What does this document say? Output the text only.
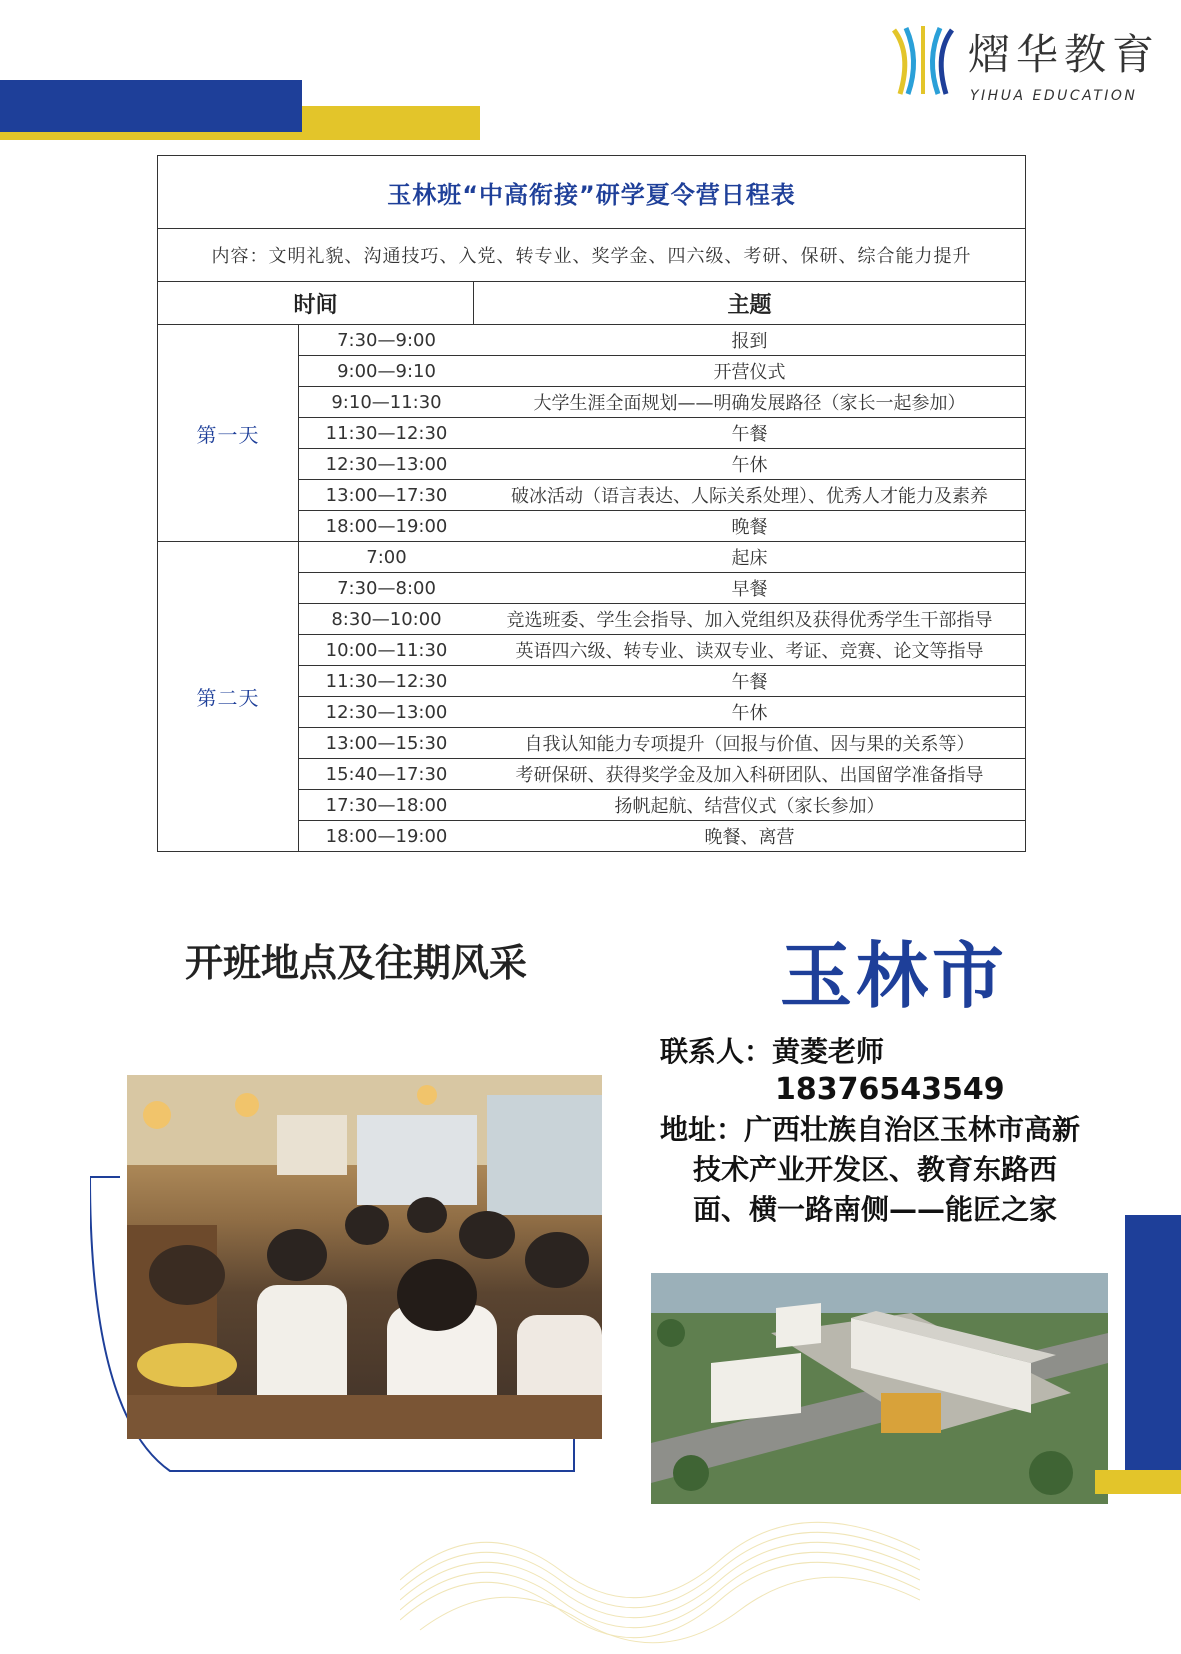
熠华教育
YIHUA EDUCATION
玉林班“中高衔接”研学夏令营日程表
内容：文明礼貌、沟通技巧、入党、转专业、奖学金、四六级、考研、保研、综合能力提升
时间	主题
第一天
7:30—9:00	报到
9:00—9:10	开营仪式
9:10—11:30	大学生涯全面规划——明确发展路径（家长一起参加）
11:30—12:30	午餐
12:30—13:00	午休
13:00—17:30	破冰活动（语言表达、人际关系处理）、优秀人才能力及素养
18:00—19:00	晚餐
第二天
7:00	起床
7:30—8:00	早餐
8:30—10:00	竞选班委、学生会指导、加入党组织及获得优秀学生干部指导
10:00—11:30	英语四六级、转专业、读双专业、考证、竞赛、论文等指导
11:30—12:30	午餐
12:30—13:00	午休
13:00—15:30	自我认知能力专项提升（回报与价值、因与果的关系等）
15:40—17:30	考研保研、获得奖学金及加入科研团队、出国留学准备指导
17:30—18:00	扬帆起航、结营仪式（家长参加）
18:00—19:00	晚餐、离营
开班地点及往期风采	玉林市
联系人：黄菱老师
18376543549
地址：广西壮族自治区玉林市高新
技术产业开发区、教育东路西
面、横一路南侧——能匠之家
